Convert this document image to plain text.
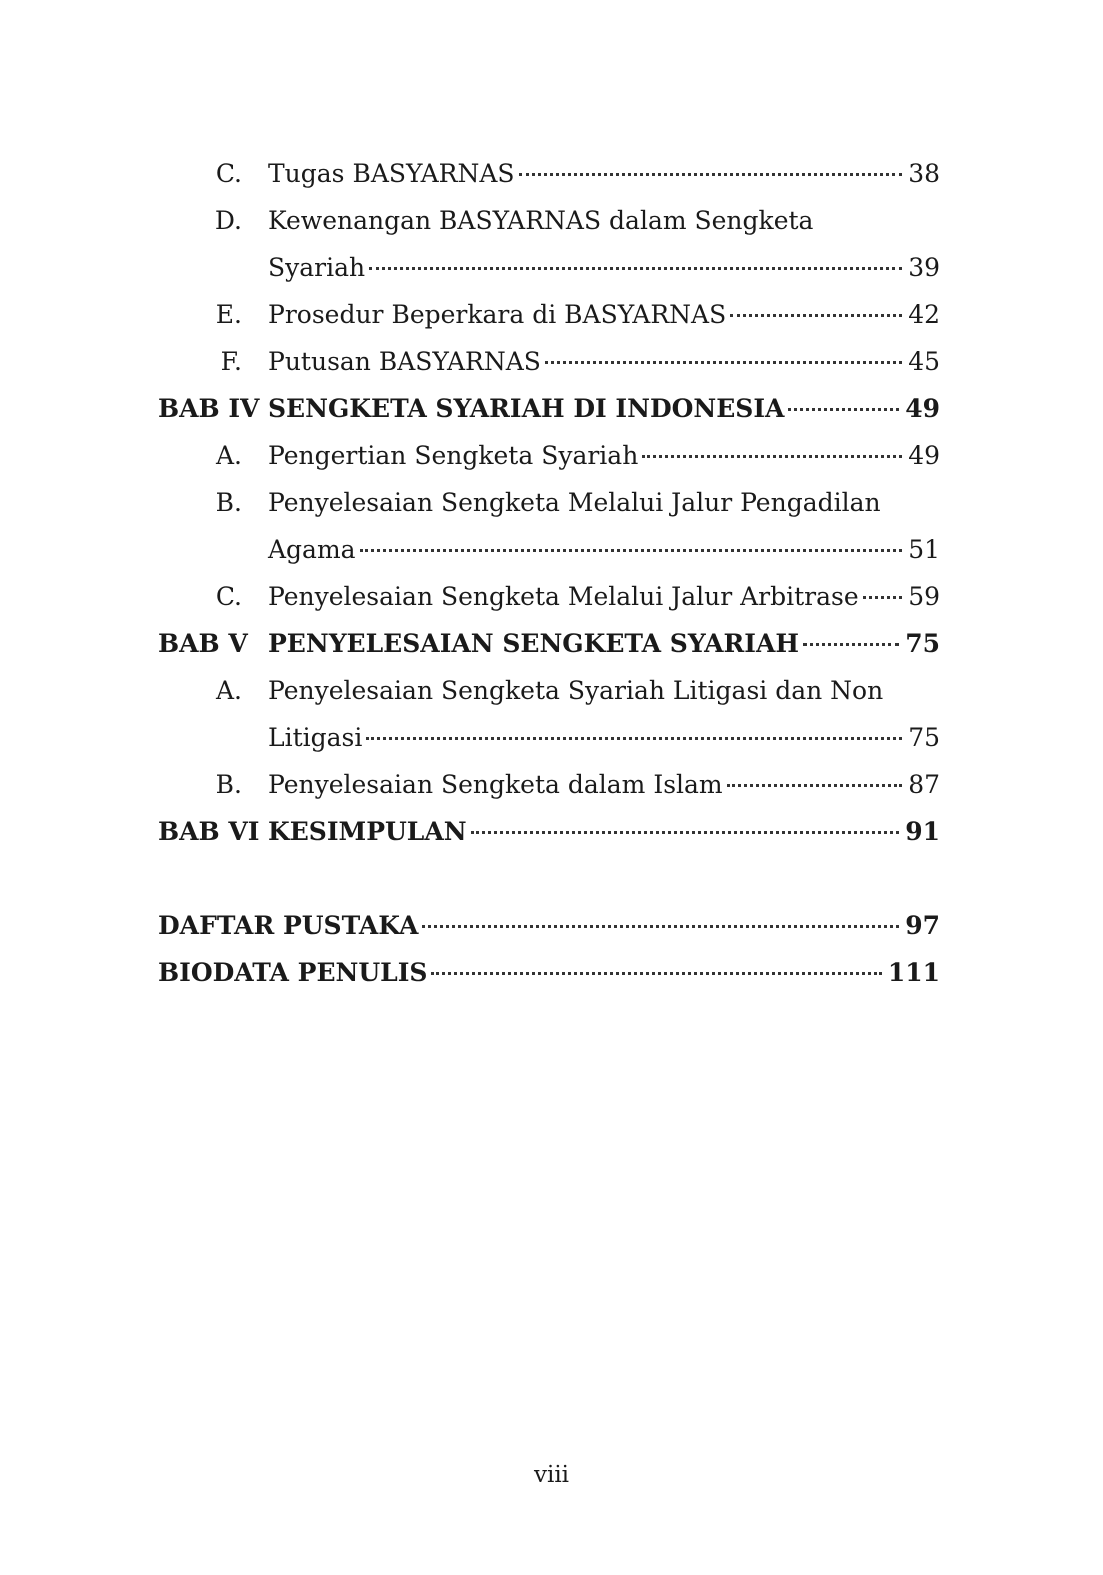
C. Tugas BASYARNAS	38
D. Kewenangan BASYARNAS dalam Sengketa
Syariah	39
E. Prosedur Beperkara di BASYARNAS	42
F. Putusan BASYARNAS	45
BAB IV SENGKETA SYARIAH DI INDONESIA	49
A. Pengertian Sengketa Syariah	49
B. Penyelesaian Sengketa Melalui Jalur Pengadilan
Agama	51
C. Penyelesaian Sengketa Melalui Jalur Arbitrase 59
BAB V PENYELESAIAN SENGKETA SYARIAH	75
A. Penyelesaian Sengketa Syariah Litigasi dan Non
Litigasi	75
B. Penyelesaian Sengketa dalam Islam	87
BAB VI KESIMPULAN	91
DAFTAR PUSTAKA	97
BIODATA PENULIS	111
viii
